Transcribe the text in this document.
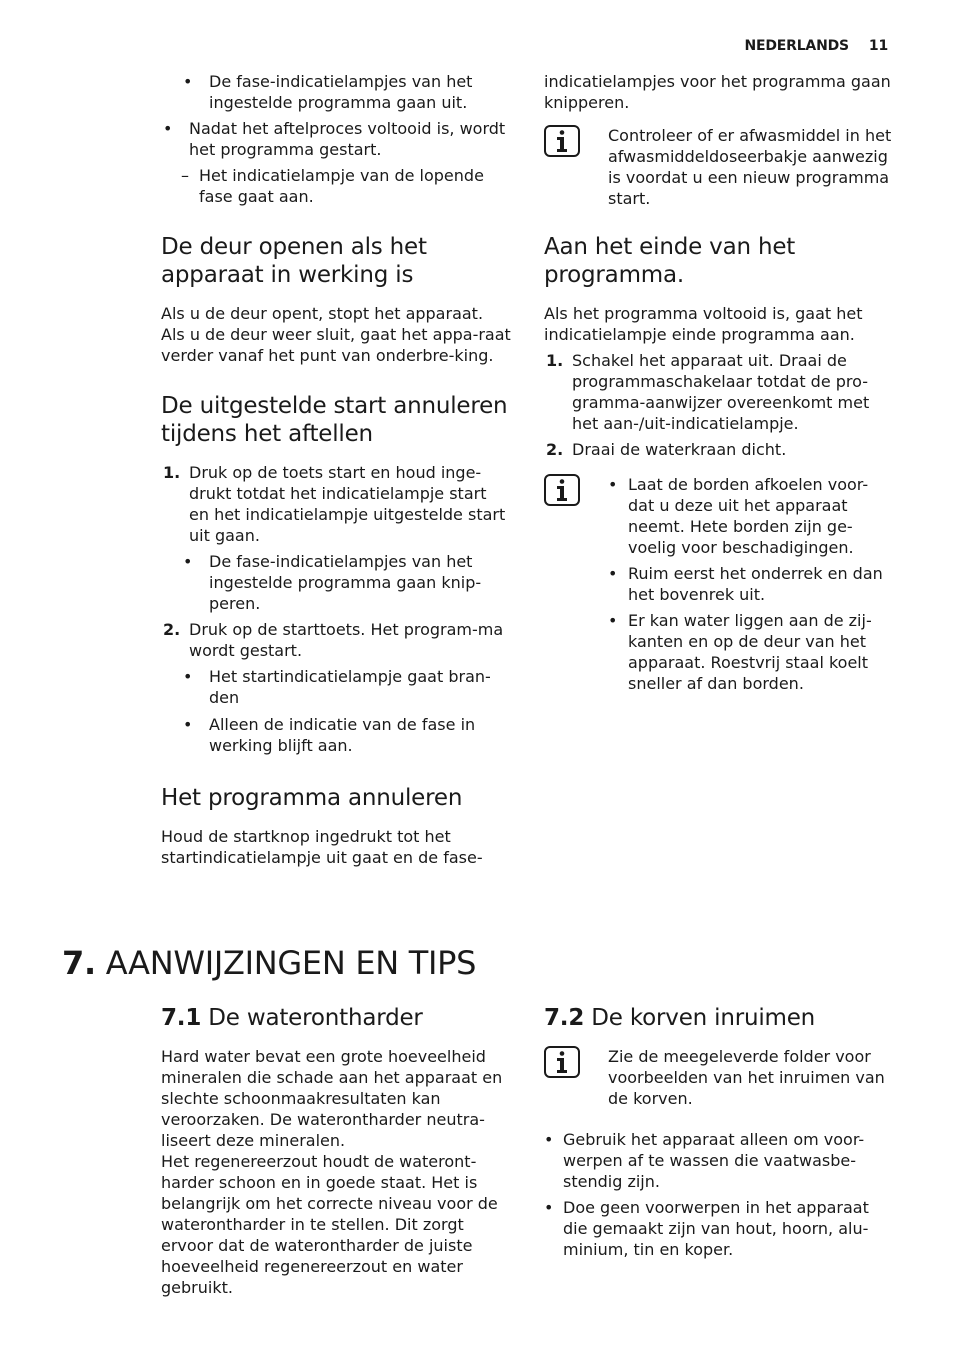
NEDERLANDS 11
• De fase-indicatielampjes van het ingestelde programma gaan uit.

• Nadat het aftelproces voltooid is, wordt het programma gestart.

– Het indicatielampje van de lopende fase gaat aan.

De deur openen als het apparaat in werking is

Als u de deur opent, stopt het apparaat. Als u de deur weer sluit, gaat het appa-raat verder vanaf het punt van onderbre-king.

De uitgestelde start annuleren tijdens het aftellen
1. Druk op de toets start en houd inge-drukt totdat het indicatielampje start en het indicatielampje uitgestelde start uit gaan.

• De fase-indicatielampjes van het ingestelde programma gaan knip-peren.

2. Druk op de starttoets. Het program-ma wordt gestart.

• Het startindicatielampje gaat bran-den

• Alleen de indicatie van de fase in werking blijft aan.

Het programma annuleren

Houd de startknop ingedrukt tot het startindicatielampje uit gaat en de fase-

indicatielampjes voor het programma gaan knipperen.

Controleer of er afwasmiddel in het afwasmiddeldoseerbakje aanwezig is voordat u een nieuw programma start.

Aan het einde van het programma.

Als het programma voltooid is, gaat het indicatielampje einde programma aan.

1. Schakel het apparaat uit. Draai de programmaschakelaar totdat de pro-gramma-aanwijzer overeenkomt met het aan-/uit-indicatielampje.

2. Draai de waterkraan dicht.

• Laat de borden afkoelen voor-dat u deze uit het apparaat neemt. Hete borden zijn ge-voelig voor beschadigingen.

• Ruim eerst het onderrek en dan het bovenrek uit.

• Er kan water liggen aan de zij-kanten en op de deur van het apparaat. Roestvrij staal koelt sneller af dan borden.

7. AANWIJZINGEN EN TIPS
7.1 De waterontharder

Hard water bevat een grote hoeveelheid mineralen die schade aan het apparaat en slechte schoonmaakresultaten kan veroorzaken. De waterontharder neutra-liseert deze mineralen.

Het regenereerzout houdt de wateront-harder schoon en in goede staat. Het is belangrijk om het correcte niveau voor de waterontharder in te stellen. Dit zorgt ervoor dat de waterontharder de juiste hoeveelheid regenereerzout en water gebruikt.

7.2 De korven inruimen

Zie de meegeleverde folder voor voorbeelden van het inruimen van de korven.

• Gebruik het apparaat alleen om voor-werpen af te wassen die vaatwasbe-stendig zijn.

• Doe geen voorwerpen in het apparaat die gemaakt zijn van hout, hoorn, alu-minium, tin en koper.
